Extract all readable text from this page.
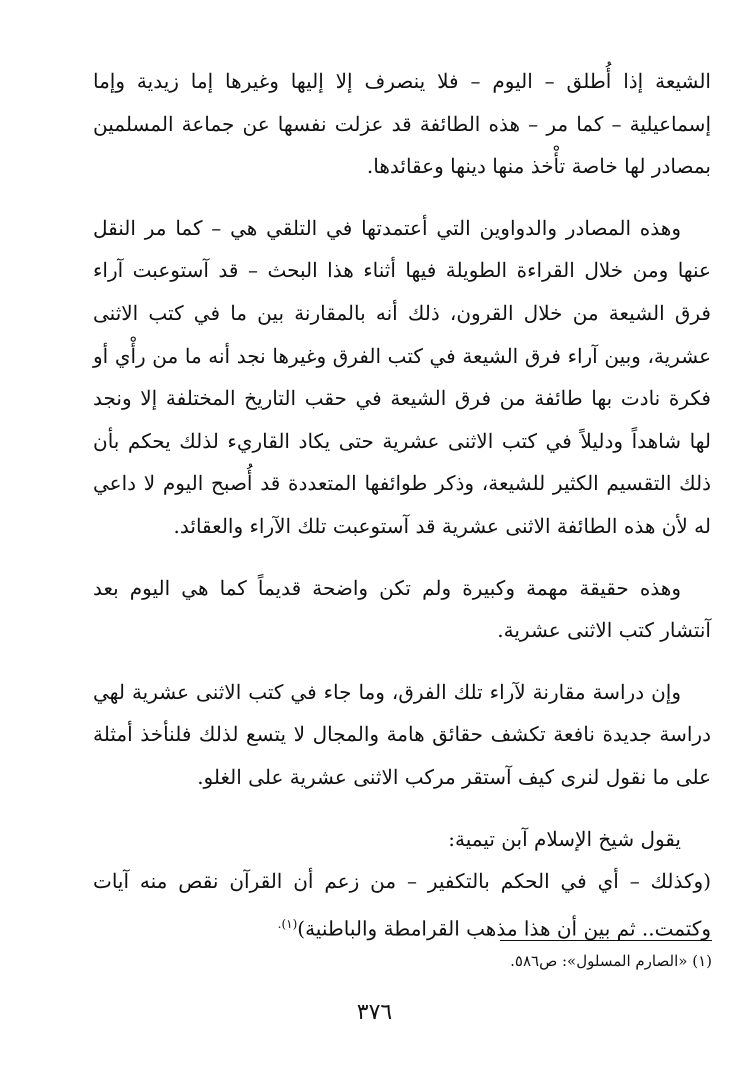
الشيعة إذا أُطلق – اليوم – فلا ينصرف إلا إليها وغيرها إما زيدية وإما إسماعيلية – كما مر – هذه الطائفة قد عزلت نفسها عن جماعة المسلمين بمصادر لها خاصة تأْخذ منها دينها وعقائدها.

وهذه المصادر والدواوين التي أعتمدتها في التلقي هي – كما مر النقل عنها ومن خلال القراءة الطويلة فيها أثناء هذا البحث – قد آستوعبت آراء فرق الشيعة من خلال القرون، ذلك أنه بالمقارنة بين ما في كتب الاثنى عشرية، وبين آراء فرق الشيعة في كتب الفرق وغيرها نجد أنه ما من رأْي أو فكرة نادت بها طائفة من فرق الشيعة في حقب التاريخ المختلفة إلا ونجد لها شاهداً ودليلاً في كتب الاثنى عشرية حتى يكاد القاريء لذلك يحكم بأن ذلك التقسيم الكثير للشيعة، وذكر طوائفها المتعددة قد أُصبح اليوم لا داعي له لأن هذه الطائفة الاثنى عشرية قد آستوعبت تلك الآراء والعقائد.

وهذه حقيقة مهمة وكبيرة ولم تكن واضحة قديماً كما هي اليوم بعد آنتشار كتب الاثنى عشرية.

وإن دراسة مقارنة لآراء تلك الفرق، وما جاء في كتب الاثنى عشرية لهي دراسة جديدة نافعة تكشف حقائق هامة والمجال لا يتسع لذلك فلنأخذ أمثلة على ما نقول لنرى كيف آستقر مركب الاثنى عشرية على الغلو.

يقول شيخ الإسلام آبن تيمية:

(وكذلك – أي في الحكم بالتكفير – من زعم أن القرآن نقص منه آيات وكتمت.. ثم بين أن هذا مذهب القرامطة والباطنية)$^{(١).}$

(١) «الصارم المسلول»: ص٥٨٦.
٣٧٦
